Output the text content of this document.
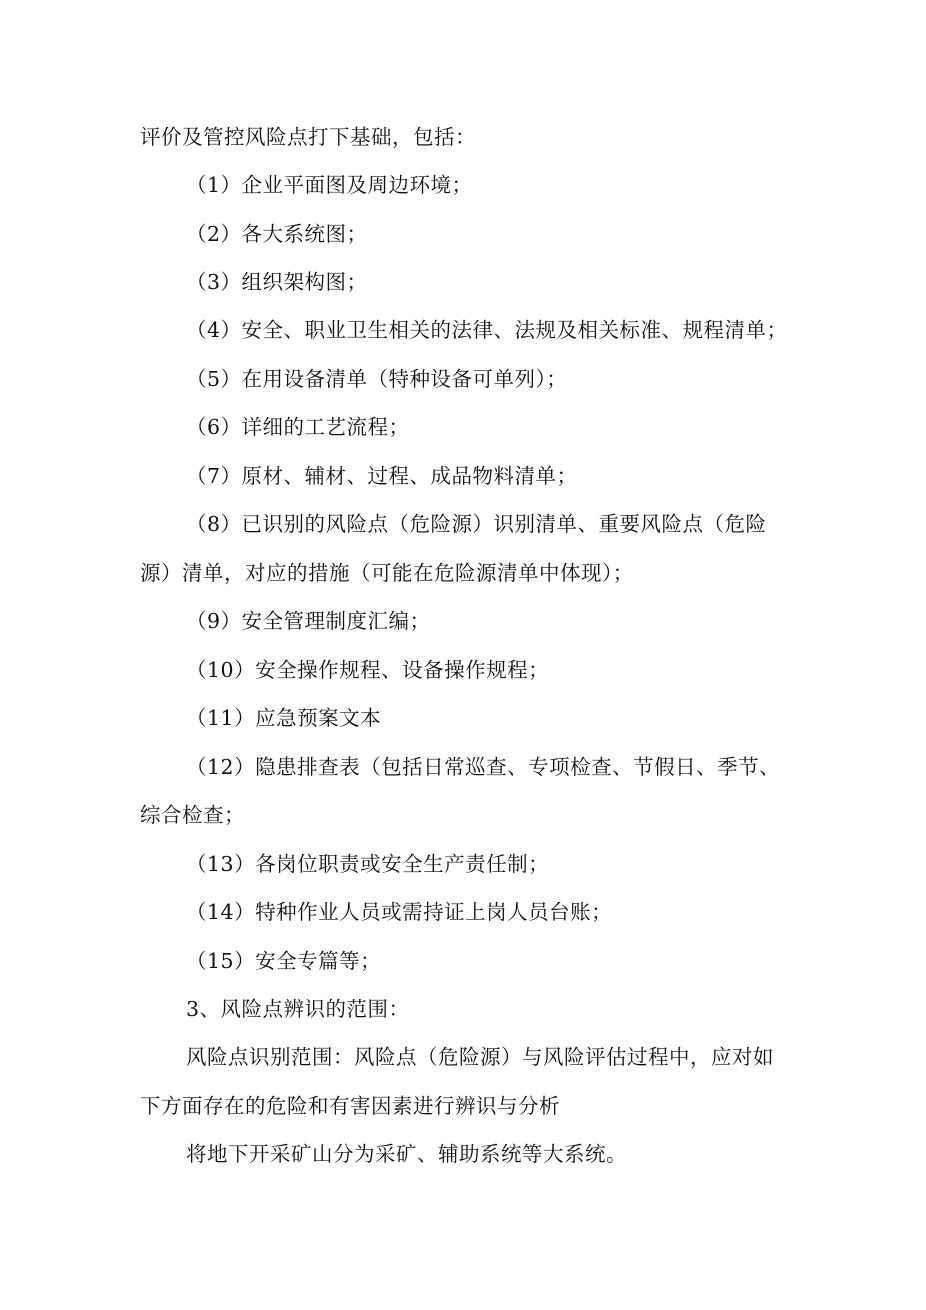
评价及管控风险点打下基础，包括：
（1）企业平面图及周边环境；
（2）各大系统图；
（3）组织架构图；
（4）安全、职业卫生相关的法律、法规及相关标准、规程清单；
（5）在用设备清单（特种设备可单列）；
（6）详细的工艺流程；
（7）原材、辅材、过程、成品物料清单；
（8）已识别的风险点（危险源）识别清单、重要风险点（危险
源）清单，对应的措施（可能在危险源清单中体现）；
（9）安全管理制度汇编；
（10）安全操作规程、设备操作规程；
（11）应急预案文本
（12）隐患排查表（包括日常巡查、专项检查、节假日、季节、
综合检查；
（13）各岗位职责或安全生产责任制；
（14）特种作业人员或需持证上岗人员台账；
（15）安全专篇等；
3、风险点辨识的范围：
风险点识别范围：风险点（危险源）与风险评估过程中，应对如
下方面存在的危险和有害因素进行辨识与分析
将地下开采矿山分为采矿、辅助系统等大系统。
